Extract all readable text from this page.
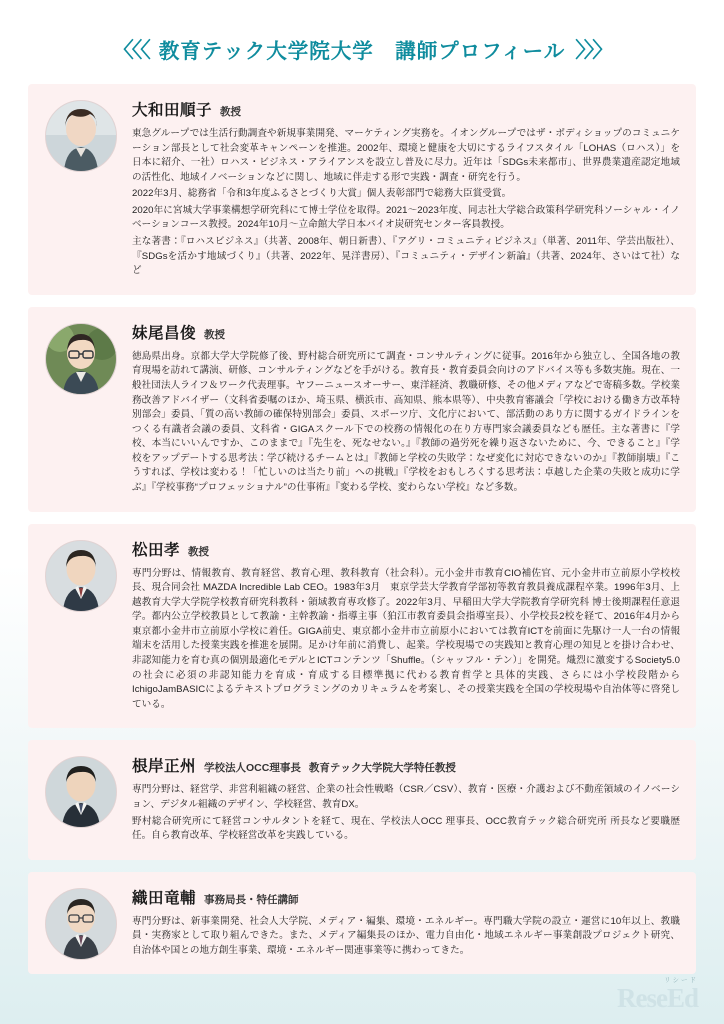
〈〈〈 教育テック大学院大学　講師プロフィール 〉〉〉
大和田順子 教授

東急グループでは生活行動調査や新規事業開発、マーケティング実務を。イオングループではザ・ボディショップのコミュニケーション部長として社会変革キャンペーンを推進。2002年、環境と健康を大切にするライフスタイル「LOHAS（ロハス）」を日本に紹介、一社）ロハス・ビジネス・アライアンスを設立し普及に尽力。近年は「SDGs未来都市」、世界農業遺産認定地域の活性化、地域イノベーションなどに関し、地域に伴走する形で実践・調査・研究を行う。

2022年3月、総務省「令和3年度ふるさとづくり大賞」個人表彰部門で総務大臣賞受賞。

2020年に宮城大学事業構想学研究科にて博士学位を取得。2021〜2023年度、同志社大学総合政策科学研究科ソーシャル・イノベーションコース教授。2024年10月〜立命館大学日本バイオ炭研究センター客員教授。

主な著書：『ロハスビジネス』（共著、2008年、朝日新書）、『アグリ・コミュニティビジネス』（単著、2011年、学芸出版社）、『SDGsを活かす地域づくり』（共著、2022年、晃洋書房）、『コミュニティ・デザイン新論』（共著、2024年、さいはて社）など

妹尾昌俊 教授

徳島県出身。京都大学大学院修了後、野村総合研究所にて調査・コンサルティングに従事。2016年から独立し、全国各地の教育現場を訪れて講演、研修、コンサルティングなどを手がける。教育長・教育委員会向けのアドバイス等も多数実施。現在、一般社団法人ライフ＆ワーク代表理事。ヤフーニュースオーサー、東洋経済、教職研修、その他メディアなどで寄稿多数。学校業務改善アドバイザー（文科省委嘱のほか、埼玉県、横浜市、高知県、熊本県等）、中央教育審議会「学校における働き方改革特別部会」委員、「質の高い教師の確保特別部会」委員、スポーツ庁、文化庁において、部活動のあり方に関するガイドラインをつくる有識者会議の委員、文科省・GIGAスクール下での校務の情報化の在り方専門家会議委員なども歴任。主な著書に『学校、本当にいいんですか、このままで』『先生を、死なせない。』『教師の過労死を繰り返さないために、今、できること』『学校をアップデートする思考法：学び続けるチームとは』『教師と学校の失敗学：なぜ変化に対応できないのか』『教師崩壊』『こうすれば、学校は変わる！「忙しいのは当たり前」への挑戦』『学校をおもしろくする思考法：卓越した企業の失敗と成功に学ぶ』『学校事務“プロフェッショナル”の仕事術』『変わる学校、変わらない学校』など多数。

松田孝 教授

専門分野は、情報教育、教育経営、教育心理、教科教育（社会科）。元小金井市教育CIO補佐官、元小金井市立前原小学校校長、現合同会社 MAZDA Incredible Lab CEO。1983年3月　東京学芸大学教育学部初等教育教員養成課程卒業。1996年3月、上越教育大学大学院学校教育研究科教科・領域教育専攻修了。2022年3月、早稲田大学大学院教育学研究科 博士後期課程任意退学。都内公立学校教員として教諭・主幹教諭・指導主事（狛江市教育委員会指導室長）、小学校長2校を経て、2016年4月から東京都小金井市立前原小学校に着任。GIGA前史、東京都小金井市立前原小においては教育ICTを前面に先駆け一人一台の情報端末を活用した授業実践を推進を展開。足かけ年前に消費し、起業。学校現場での実践知と教育心理の知見とを掛け合わせ、非認知能力を育む真の個別最適化モデルとICTコンテンツ「Shuffle。（シャッフル・テン）」を開発。熾烈に激変するSociety5.0の社会に必須の非認知能力を育成・育成する目標準拠に代わる教育哲学と具体的実践、さらには小学校段階からIchigoJamBASICによるテキストプログラミングのカリキュラムを考案し、その授業実践を全国の学校現場や自治体等に啓発している。

根岸正州 学校法人OCC理事長 教育テック大学院大学特任教授

専門分野は、経営学、非営利組織の経営、企業の社会性戦略（CSR／CSV）、教育・医療・介護および不動産領域のイノベーション、デジタル組織のデザイン、学校経営、教育DX。

野村総合研究所にて経営コンサルタントを経て、現在、学校法人OCC 理事長、OCC教育テック総合研究所 所長など要職歴任。自ら教育改革、学校経営改革を実践している。

織田竜輔 事務局長・特任講師

専門分野は、新事業開発、社会人大学院、メディア・編集、環境・エネルギー。専門職大学院の設立・運営に10年以上、教職員・実務家として取り組んできた。また、メディア編集長のほか、電力自由化・地域エネルギー事業創設プロジェクト研究、自治体や国との地方創生事業、環境・エネルギー関連事業等に携わってきた。

リシード
ReseEd
